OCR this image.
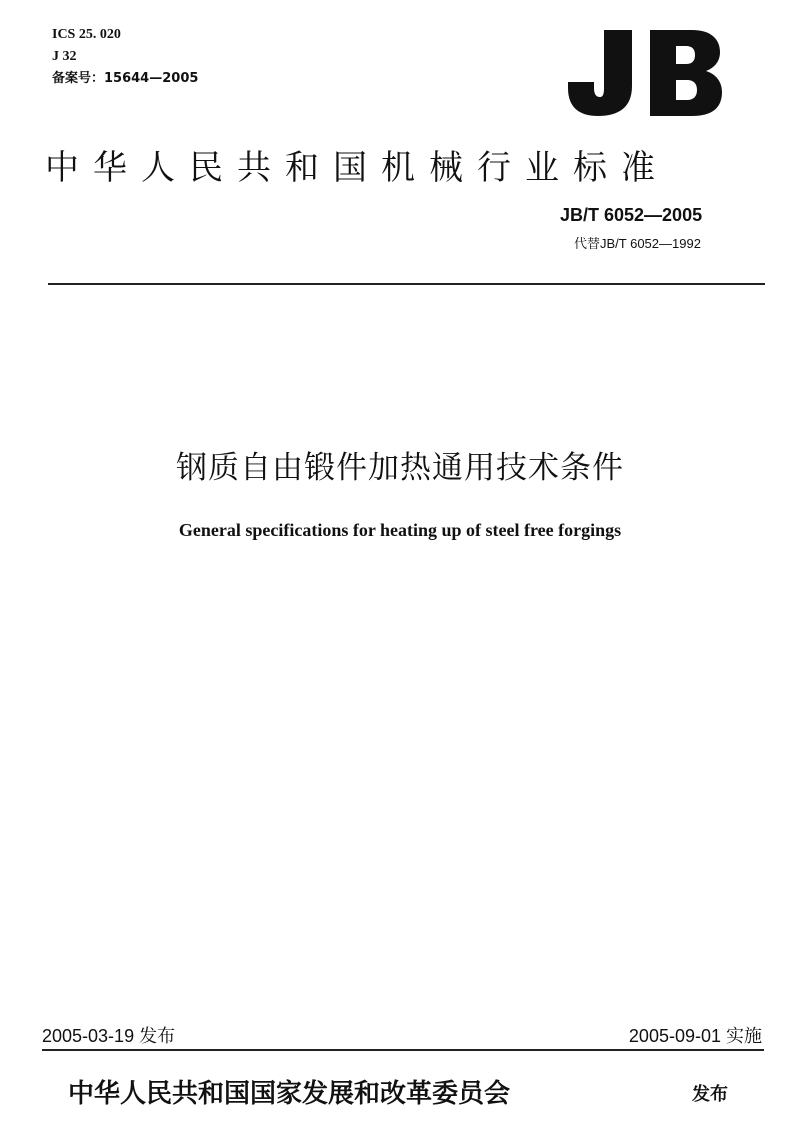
ICS 25. 020
J 32
备案号：15644—2005
中华人民共和国机械行业标准
JB/T 6052—2005
代替JB/T 6052—1992
钢质自由锻件加热通用技术条件
General specifications for heating up of steel free forgings
2005-03-19 发布	2005-09-01 实施
中华人民共和国国家发展和改革委员会	发布
